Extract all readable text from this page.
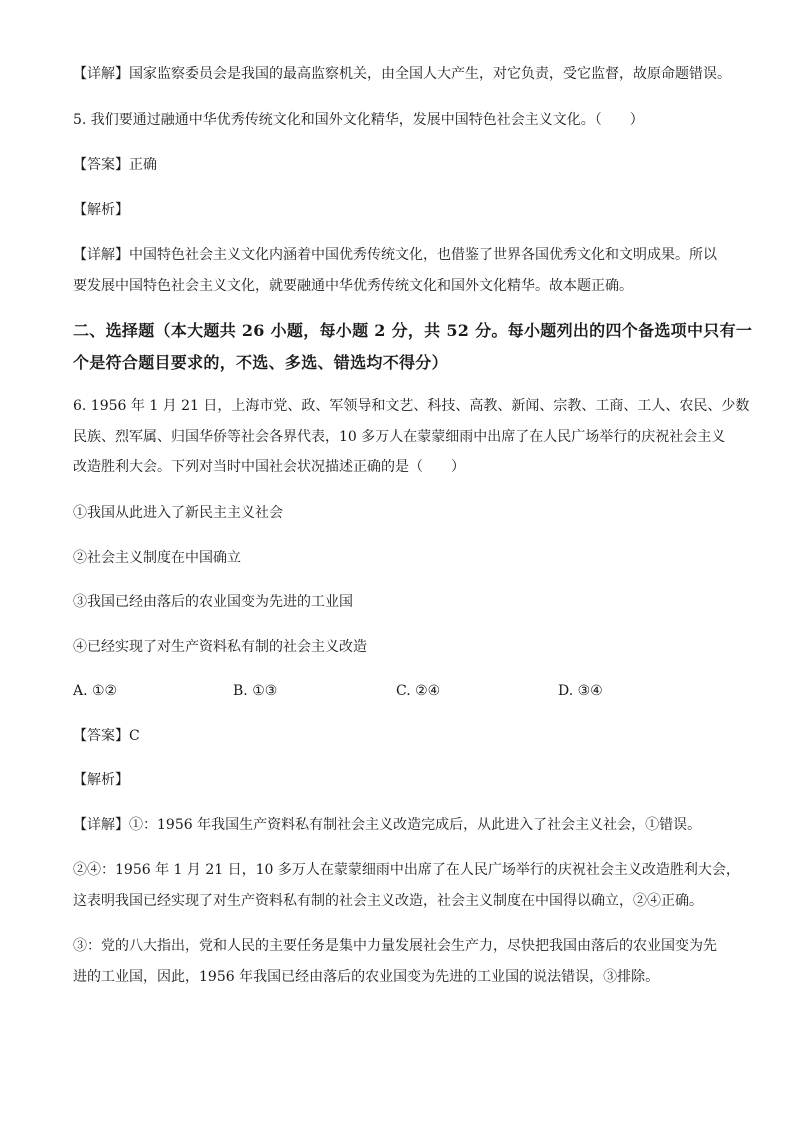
【详解】国家监察委员会是我国的最高监察机关，由全国人大产生，对它负责，受它监督，故原命题错误。
5. 我们要通过融通中华优秀传统文化和国外文化精华，发展中国特色社会主义文化。（　　）
【答案】正确
【解析】
【详解】中国特色社会主义文化内涵着中国优秀传统文化，也借鉴了世界各国优秀文化和文明成果。所以
要发展中国特色社会主义文化，就要融通中华优秀传统文化和国外文化精华。故本题正确。
二、选择题（本大题共 26 小题，每小题 2 分，共 52 分。每小题列出的四个备选项中只有一
个是符合题目要求的，不选、多选、错选均不得分）
6. 1956 年 1 月 21 日，上海市党、政、军领导和文艺、科技、高教、新闻、宗教、工商、工人、农民、少数
民族、烈军属、归国华侨等社会各界代表，10 多万人在蒙蒙细雨中出席了在人民广场举行的庆祝社会主义
改造胜利大会。下列对当时中国社会状况描述正确的是（　　）
①我国从此进入了新民主主义社会
②社会主义制度在中国确立
③我国已经由落后的农业国变为先进的工业国
④已经实现了对生产资料私有制的社会主义改造
A. ①②	B. ①③	C. ②④	D. ③④
【答案】C
【解析】
【详解】①：1956 年我国生产资料私有制社会主义改造完成后，从此进入了社会主义社会，①错误。
②④：1956 年 1 月 21 日，10 多万人在蒙蒙细雨中出席了在人民广场举行的庆祝社会主义改造胜利大会，
这表明我国已经实现了对生产资料私有制的社会主义改造，社会主义制度在中国得以确立，②④正确。
③：党的八大指出，党和人民的主要任务是集中力量发展社会生产力，尽快把我国由落后的农业国变为先
进的工业国，因此，1956 年我国已经由落后的农业国变为先进的工业国的说法错误，③排除。
